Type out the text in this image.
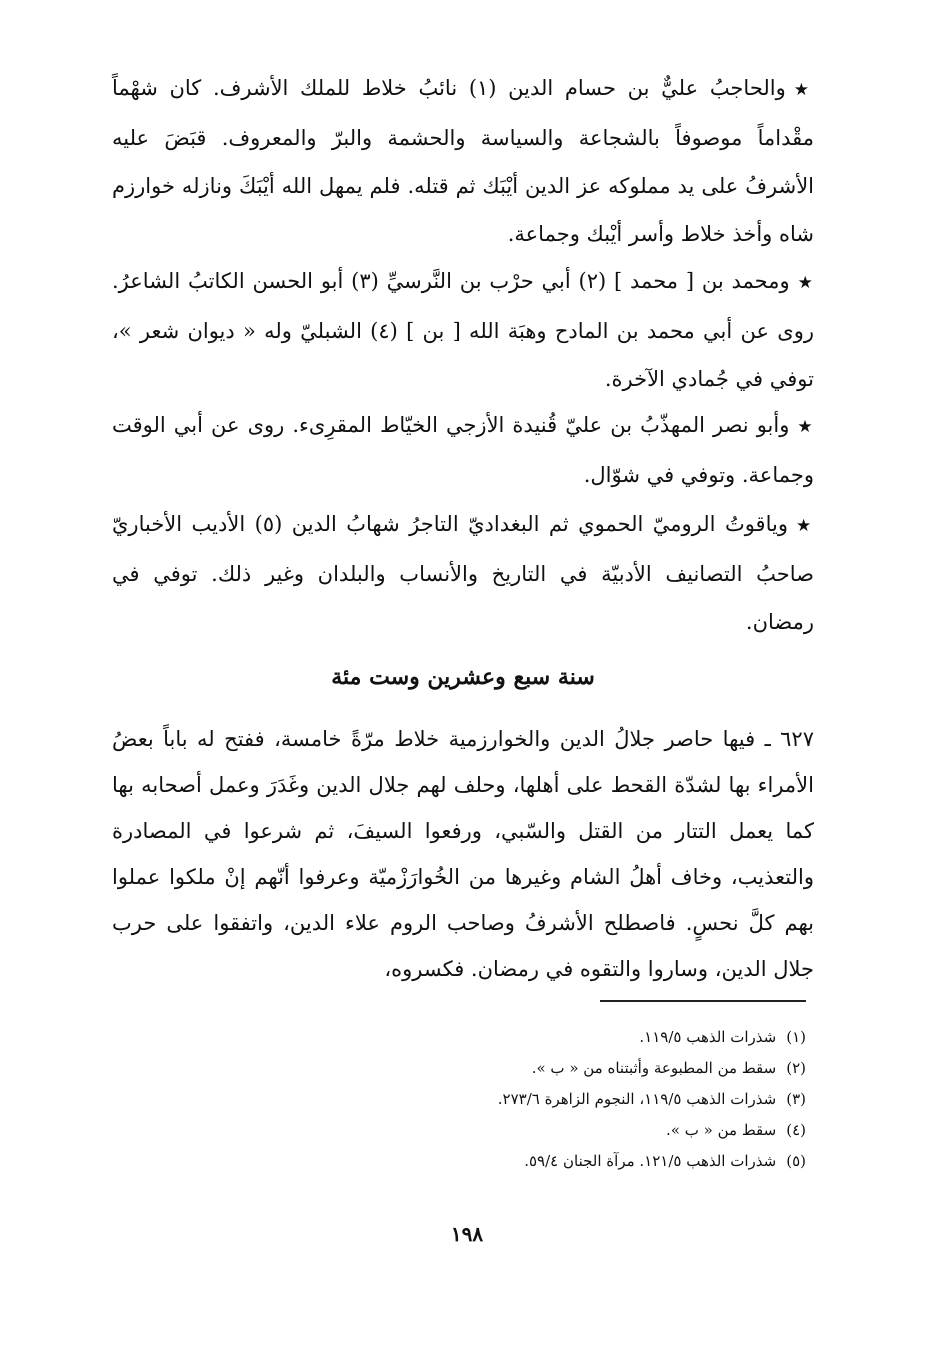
★والحاجبُ عليٌّ بن حسام الدين (١) نائبُ خلاط للملك الأشرف. كان شهْماً مقْداماً موصوفاً بالشجاعة والسياسة والحشمة والبرّ والمعروف. قبَضَ عليه الأشرفُ على يد مملوكه عز الدين أيْبَك ثم قتله. فلم يمهل الله أيْبَكَ ونازله خوارزم شاه وأخذ خلاط وأسر أيْبك وجماعة.

★ومحمد بن [ محمد ] (٢) أبي حرْب بن النَّرسيِّ (٣) أبو الحسن الكاتبُ الشاعرُ. روى عن أبي محمد بن المادح وهبَة الله [ بن ] (٤) الشبليّ وله « ديوان شعر »، توفي في جُمادي الآخرة.

★وأبو نصر المهذّبُ بن عليّ قُنيدة الأزجي الخيّاط المقرِىء. روى عن أبي الوقت وجماعة. وتوفي في شوّال.

★وياقوتُ الروميّ الحموي ثم البغداديّ التاجرُ شهابُ الدين (٥) الأديب الأخباريّ صاحبُ التصانيف الأدبيّة في التاريخ والأنساب والبلدان وغير ذلك. توفي في رمضان.

سنة سبع وعشرين وست مئة

٦٢٧ ـ فيها حاصر جلالُ الدين والخوارزمية خلاط مرّةً خامسة، ففتح له باباً بعضُ الأمراء بها لشدّة القحط على أهلها، وحلف لهم جلال الدين وغَدَرَ وعمل أصحابه بها كما يعمل التتار من القتل والسّبي، ورفعوا السيفَ، ثم شرعوا في المصادرة والتعذيب، وخاف أهلُ الشام وغيرها من الخُوارَزْميّة وعرفوا أنّهم إنْ ملكوا عملوا بهم كلَّ نحسٍ. فاصطلح الأشرفُ وصاحب الروم علاء الدين، واتفقوا على حرب جلال الدين، وساروا والتقوه في رمضان. فكسروه،

(١)شذرات الذهب ١١٩/٥.
(٢)سقط من المطبوعة وأثبتناه من « ب ».
(٣)شذرات الذهب ١١٩/٥، النجوم الزاهرة ٢٧٣/٦.
(٤)سقط من « ب ».
(٥)شذرات الذهب ١٢١/٥. مرآة الجنان ٥٩/٤.

١٩٨
